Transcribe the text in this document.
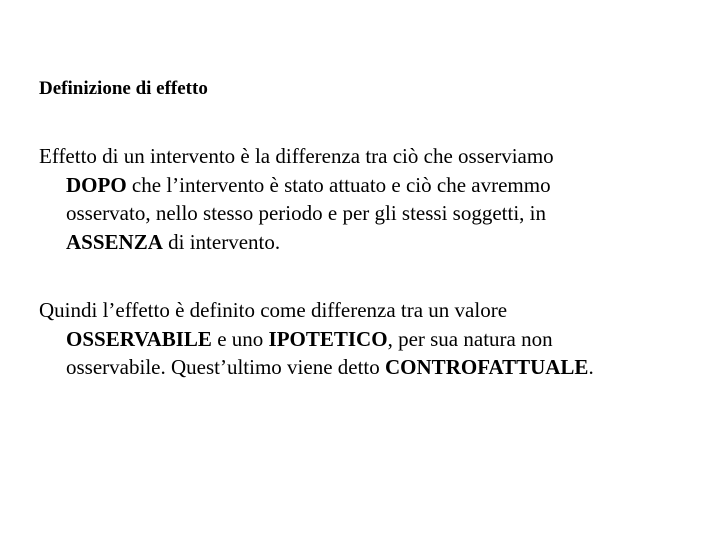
Definizione di effetto
Effetto di un intervento è la differenza tra ciò che osserviamo
DOPO che l’intervento è stato attuato e ciò che avremmo
osservato, nello stesso periodo e per gli stessi soggetti, in
ASSENZA di intervento.
Quindi l’effetto è definito come differenza tra un valore
OSSERVABILE e uno IPOTETICO, per sua natura non
osservabile. Quest’ultimo viene detto CONTROFATTUALE.
